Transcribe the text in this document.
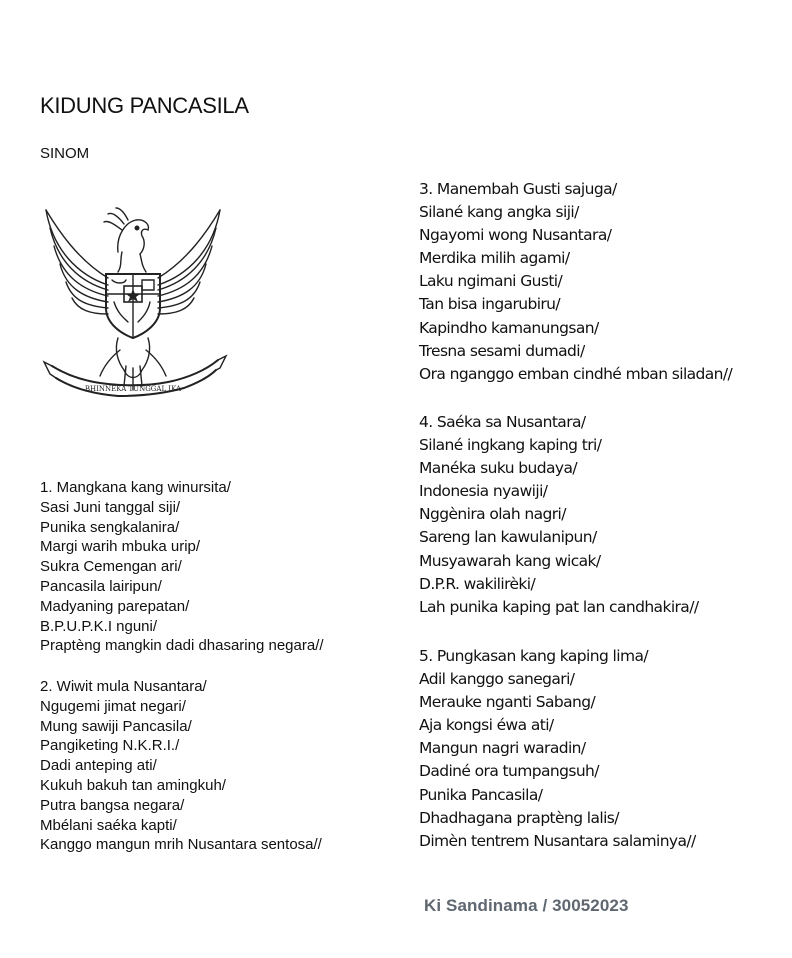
KIDUNG PANCASILA
SINOM
BHINNEKA TUNGGAL IKA
1. Mangkana kang winursita/
Sasi Juni tanggal siji/
Punika sengkalanira/
Margi warih mbuka urip/
Sukra Cemengan ari/
Pancasila lairipun/
Madyaning parepatan/
B.P.U.P.K.I nguni/
Praptèng mangkin dadi dhasaring negara//
2. Wiwit mula Nusantara/
Ngugemi jimat negari/
Mung sawiji Pancasila/
Pangiketing N.K.R.I./
Dadi anteping ati/
Kukuh bakuh tan amingkuh/
Putra bangsa negara/
Mbélani saéka kapti/
Kanggo mangun mrih Nusantara sentosa//
3. Manembah Gusti sajuga/
Silané kang angka siji/
Ngayomi wong Nusantara/
Merdika milih agami/
Laku ngimani Gusti/
Tan bisa ingarubiru/
Kapindho kamanungsan/
Tresna sesami dumadi/
Ora nganggo emban cindhé mban siladan//
4. Saéka sa Nusantara/
Silané ingkang kaping tri/
Manéka suku budaya/
Indonesia nyawiji/
Nggènira olah nagri/
Sareng lan kawulanipun/
Musyawarah kang wicak/
D.P.R. wakilirèki/
Lah punika kaping pat lan candhakira//
5. Pungkasan kang kaping lima/
Adil kanggo sanegari/
Merauke nganti Sabang/
Aja kongsi éwa ati/
Mangun nagri waradin/
Dadiné ora tumpangsuh/
Punika Pancasila/
Dhadhagana praptèng lalis/
Dimèn tentrem Nusantara salaminya//
Ki Sandinama / 30052023
